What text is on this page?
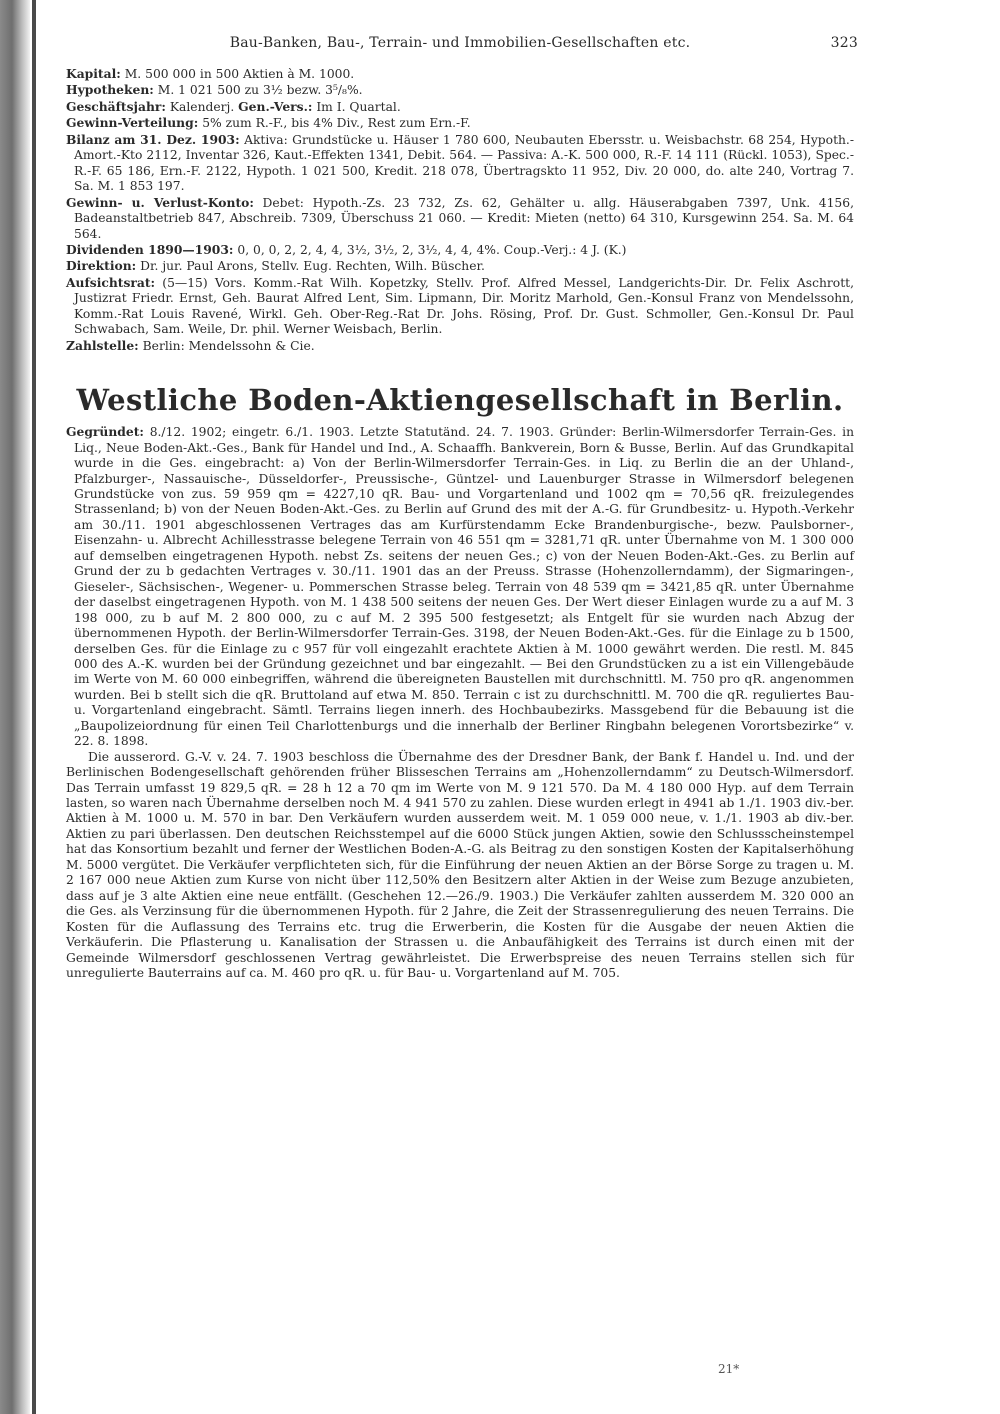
Bau-Banken, Bau-, Terrain- und Immobilien-Gesellschaften etc.	323

Kapital: M. 500 000 in 500 Aktien à M. 1000.

Hypotheken: M. 1 021 500 zu 3½ bezw. 3⁵/₈%.

Geschäftsjahr: Kalenderj. Gen.-Vers.: Im I. Quartal.

Gewinn-Verteilung: 5% zum R.-F., bis 4% Div., Rest zum Ern.-F.

Bilanz am 31. Dez. 1903: Aktiva: Grundstücke u. Häuser 1 780 600, Neubauten Ebersstr. u. Weisbachstr. 68 254, Hypoth.-Amort.-Kto 2112, Inventar 326, Kaut.-Effekten 1341, Debit. 564. — Passiva: A.-K. 500 000, R.-F. 14 111 (Rückl. 1053), Spec.-R.-F. 65 186, Ern.-F. 2122, Hypoth. 1 021 500, Kredit. 218 078, Übertragskto 11 952, Div. 20 000, do. alte 240, Vortrag 7. Sa. M. 1 853 197.

Gewinn- u. Verlust-Konto: Debet: Hypoth.-Zs. 23 732, Zs. 62, Gehälter u. allg. Häuserabgaben 7397, Unk. 4156, Badeanstaltbetrieb 847, Abschreib. 7309, Überschuss 21 060. — Kredit: Mieten (netto) 64 310, Kursgewinn 254. Sa. M. 64 564.

Dividenden 1890—1903: 0, 0, 0, 2, 2, 4, 4, 3½, 3½, 2, 3½, 4, 4, 4%. Coup.-Verj.: 4 J. (K.)

Direktion: Dr. jur. Paul Arons, Stellv. Eug. Rechten, Wilh. Büscher.

Aufsichtsrat: (5—15) Vors. Komm.-Rat Wilh. Kopetzky, Stellv. Prof. Alfred Messel, Landgerichts-Dir. Dr. Felix Aschrott, Justizrat Friedr. Ernst, Geh. Baurat Alfred Lent, Sim. Lipmann, Dir. Moritz Marhold, Gen.-Konsul Franz von Mendelssohn, Komm.-Rat Louis Ravené, Wirkl. Geh. Ober-Reg.-Rat Dr. Johs. Rösing, Prof. Dr. Gust. Schmoller, Gen.-Konsul Dr. Paul Schwabach, Sam. Weile, Dr. phil. Werner Weisbach, Berlin.

Zahlstelle: Berlin: Mendelssohn & Cie.

Westliche Boden-Aktiengesellschaft in Berlin.

Gegründet: 8./12. 1902; eingetr. 6./1. 1903. Letzte Statutänd. 24. 7. 1903. Gründer: Berlin-Wilmersdorfer Terrain-Ges. in Liq., Neue Boden-Akt.-Ges., Bank für Handel und Ind., A. Schaaffh. Bankverein, Born & Busse, Berlin. Auf das Grundkapital wurde in die Ges. eingebracht: a) Von der Berlin-Wilmersdorfer Terrain-Ges. in Liq. zu Berlin die an der Uhland-, Pfalzburger-, Nassauische-, Düsseldorfer-, Preussische-, Güntzel- und Lauenburger Strasse in Wilmersdorf belegenen Grundstücke von zus. 59 959 qm = 4227,10 qR. Bau- und Vorgartenland und 1002 qm = 70,56 qR. freizulegendes Strassenland; b) von der Neuen Boden-Akt.-Ges. zu Berlin auf Grund des mit der A.-G. für Grundbesitz- u. Hypoth.-Verkehr am 30./11. 1901 abgeschlossenen Vertrages das am Kurfürstendamm Ecke Brandenburgische-, bezw. Paulsborner-, Eisenzahn- u. Albrecht Achillesstrasse belegene Terrain von 46 551 qm = 3281,71 qR. unter Übernahme von M. 1 300 000 auf demselben eingetragenen Hypoth. nebst Zs. seitens der neuen Ges.; c) von der Neuen Boden-Akt.-Ges. zu Berlin auf Grund der zu b gedachten Vertrages v. 30./11. 1901 das an der Preuss. Strasse (Hohenzollerndamm), der Sigmaringen-, Gieseler-, Sächsischen-, Wegener- u. Pommerschen Strasse beleg. Terrain von 48 539 qm = 3421,85 qR. unter Übernahme der daselbst eingetragenen Hypoth. von M. 1 438 500 seitens der neuen Ges. Der Wert dieser Einlagen wurde zu a auf M. 3 198 000, zu b auf M. 2 800 000, zu c auf M. 2 395 500 festgesetzt; als Entgelt für sie wurden nach Abzug der übernommenen Hypoth. der Berlin-Wilmersdorfer Terrain-Ges. 3198, der Neuen Boden-Akt.-Ges. für die Einlage zu b 1500, derselben Ges. für die Einlage zu c 957 für voll eingezahlt erachtete Aktien à M. 1000 gewährt werden. Die restl. M. 845 000 des A.-K. wurden bei der Gründung gezeichnet und bar eingezahlt. — Bei den Grundstücken zu a ist ein Villengebäude im Werte von M. 60 000 einbegriffen, während die übereigneten Baustellen mit durchschnittl. M. 750 pro qR. angenommen wurden. Bei b stellt sich die qR. Bruttoland auf etwa M. 850. Terrain c ist zu durchschnittl. M. 700 die qR. reguliertes Bau- u. Vorgartenland eingebracht. Sämtl. Terrains liegen innerh. des Hochbaubezirks. Massgebend für die Bebauung ist die „Baupolizeiordnung für einen Teil Charlottenburgs und die innerhalb der Berliner Ringbahn belegenen Vorortsbezirke“ v. 22. 8. 1898.

Die ausserord. G.-V. v. 24. 7. 1903 beschloss die Übernahme des der Dresdner Bank, der Bank f. Handel u. Ind. und der Berlinischen Bodengesellschaft gehörenden früher Blisseschen Terrains am „Hohenzollerndamm“ zu Deutsch-Wilmersdorf. Das Terrain umfasst 19 829,5 qR. = 28 h 12 a 70 qm im Werte von M. 9 121 570. Da M. 4 180 000 Hyp. auf dem Terrain lasten, so waren nach Übernahme derselben noch M. 4 941 570 zu zahlen. Diese wurden erlegt in 4941 ab 1./1. 1903 div.-ber. Aktien à M. 1000 u. M. 570 in bar. Den Verkäufern wurden ausserdem weit. M. 1 059 000 neue, v. 1./1. 1903 ab div.-ber. Aktien zu pari überlassen. Den deutschen Reichsstempel auf die 6000 Stück jungen Aktien, sowie den Schlussscheinstempel hat das Konsortium bezahlt und ferner der Westlichen Boden-A.-G. als Beitrag zu den sonstigen Kosten der Kapitalserhöhung M. 5000 vergütet. Die Verkäufer verpflichteten sich, für die Einführung der neuen Aktien an der Börse Sorge zu tragen u. M. 2 167 000 neue Aktien zum Kurse von nicht über 112,50% den Besitzern alter Aktien in der Weise zum Bezuge anzubieten, dass auf je 3 alte Aktien eine neue entfällt. (Geschehen 12.—26./9. 1903.) Die Verkäufer zahlten ausserdem M. 320 000 an die Ges. als Verzinsung für die übernommenen Hypoth. für 2 Jahre, die Zeit der Strassenregulierung des neuen Terrains. Die Kosten für die Auflassung des Terrains etc. trug die Erwerberin, die Kosten für die Ausgabe der neuen Aktien die Verkäuferin. Die Pflasterung u. Kanalisation der Strassen u. die Anbaufähigkeit des Terrains ist durch einen mit der Gemeinde Wilmersdorf geschlossenen Vertrag gewährleistet. Die Erwerbspreise des neuen Terrains stellen sich für unregulierte Bauterrains auf ca. M. 460 pro qR. u. für Bau- u. Vorgartenland auf M. 705.

21*
